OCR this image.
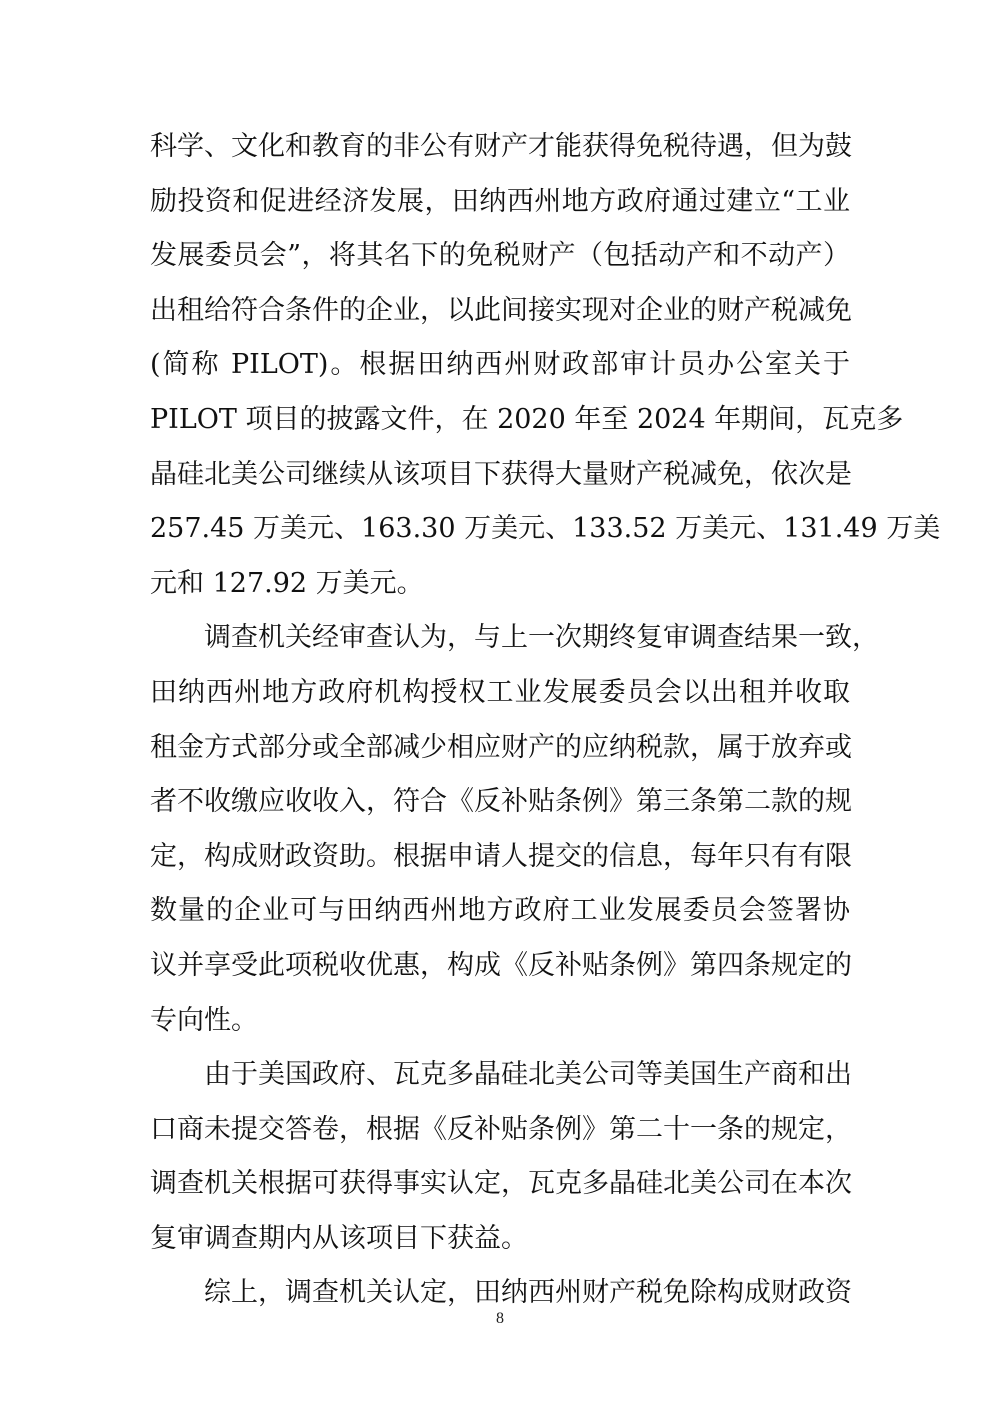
科学、文化和教育的非公有财产才能获得免税待遇，但为鼓
励投资和促进经济发展，田纳西州地方政府通过建立“工业
发展委员会”，将其名下的免税财产（包括动产和不动产）
出租给符合条件的企业，以此间接实现对企业的财产税减免
(简称 PILOT)。根据田纳西州财政部审计员办公室关于
PILOT 项目的披露文件，在 2020 年至 2024 年期间，瓦克多
晶硅北美公司继续从该项目下获得大量财产税减免，依次是
257.45 万美元、163.30 万美元、133.52 万美元、131.49 万美
元和 127.92 万美元。
调查机关经审查认为，与上一次期终复审调查结果一致，
田纳西州地方政府机构授权工业发展委员会以出租并收取
租金方式部分或全部减少相应财产的应纳税款，属于放弃或
者不收缴应收收入，符合《反补贴条例》第三条第二款的规
定，构成财政资助。根据申请人提交的信息，每年只有有限
数量的企业可与田纳西州地方政府工业发展委员会签署协
议并享受此项税收优惠，构成《反补贴条例》第四条规定的
专向性。
由于美国政府、瓦克多晶硅北美公司等美国生产商和出
口商未提交答卷，根据《反补贴条例》第二十一条的规定，
调查机关根据可获得事实认定，瓦克多晶硅北美公司在本次
复审调查期内从该项目下获益。
综上，调查机关认定，田纳西州财产税免除构成财政资
8
